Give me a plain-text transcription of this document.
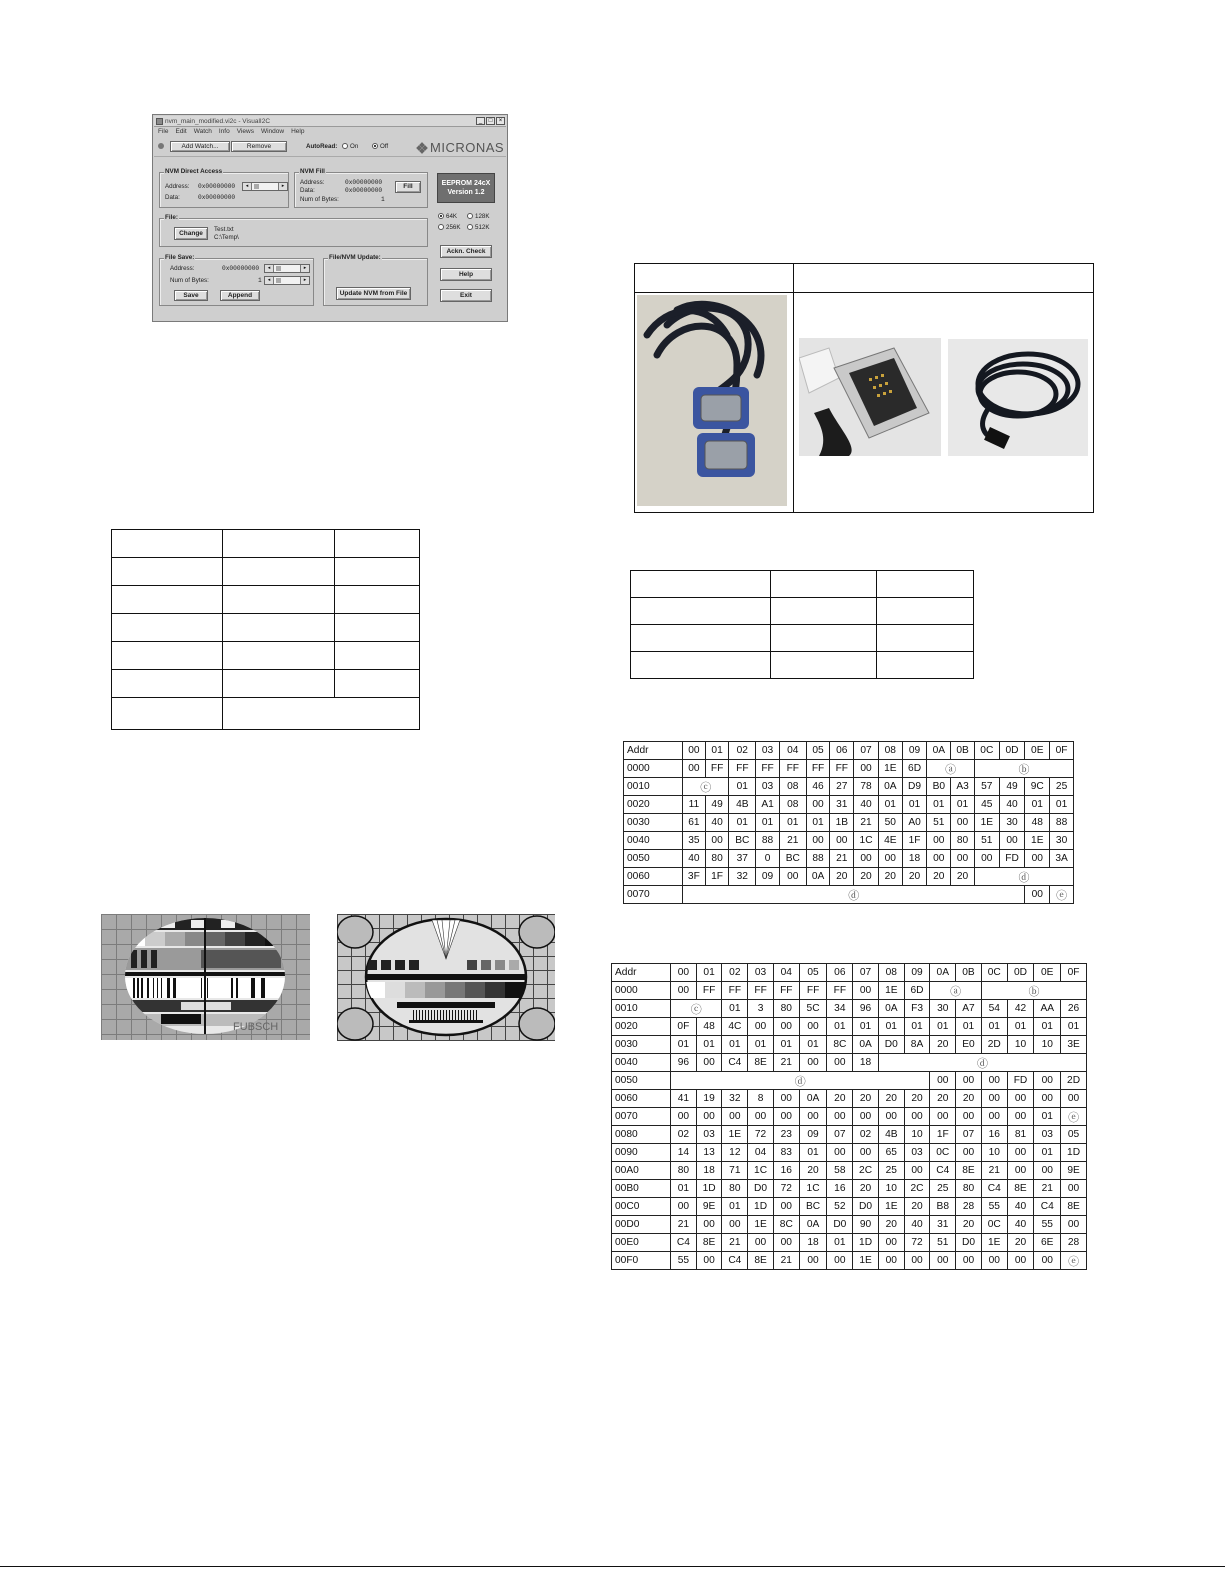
nvm_main_modified.vi2c - VisualI2C	_	□	×
File Edit Watch Info Views Window Help
Add Watch...	Remove	AutoRead: On	Off	MICRONAS
NVM Direct Access
Address: 0x00000000	◂	▸
Data:	0x00000000
NVM Fill
Address:	0x00000000
Data:	0x00000000
Num of Bytes:	1
Fill	EEPROM 24cX
Version 1.2
File:
Change
Test.txt
C:\Temp\
64K	128K
256K 512K
File Save:
Address:	0x00000000	◂	▸
Num of Bytes:	1	◂	▸
Save	Append
File/NVM Update:
Update NVM from File
Ackn. Check
Help
Exit

FUBSCH

Addr	00	01	02	03	04	05	06	07	08	09	0A	0B	0C	0D	0E	0F
0000	00	FF	FF	FF	FF	FF	FF	00	1E	6D	ⓐ		ⓑ			
0010	ⓒ		01	03	08	46	27	78	0A	D9	B0	A3	57	49	9C	25
0020	11	49	4B	A1	08	00	31	40	01	01	01	01	45	40	01	01
0030	61	40	01	01	01	01	1B	21	50	A0	51	00	1E	30	48	88
0040	35	00	BC	88	21	00	00	1C	4E	1F	00	80	51	00	1E	30
0050	40	80	37	0	BC	88	21	00	00	18	00	00	00	FD	00	3A
0060	3F	1F	32	09	00	0A	20	20	20	20	20	20	ⓓ			
0070	ⓓ														00	ⓔ
Addr	00	01	02	03	04	05	06	07	08	09	0A	0B	0C	0D	0E	0F
0000	00	FF	FF	FF	FF	FF	FF	00	1E	6D	ⓐ		ⓑ			
0010	ⓒ		01	3	80	5C	34	96	0A	F3	30	A7	54	42	AA	26
0020	0F	48	4C	00	00	00	01	01	01	01	01	01	01	01	01	01
0030	01	01	01	01	01	01	8C	0A	D0	8A	20	E0	2D	10	10	3E
0040	96	00	C4	8E	21	00	00	18	ⓓ							
0050	ⓓ										00	00	00	FD	00	2D
0060	41	19	32	8	00	0A	20	20	20	20	20	20	00	00	00	00
0070	00	00	00	00	00	00	00	00	00	00	00	00	00	00	01	ⓔ
0080	02	03	1E	72	23	09	07	02	4B	10	1F	07	16	81	03	05
0090	14	13	12	04	83	01	00	00	65	03	0C	00	10	00	01	1D
00A0	80	18	71	1C	16	20	58	2C	25	00	C4	8E	21	00	00	9E
00B0	01	1D	80	D0	72	1C	16	20	10	2C	25	80	C4	8E	21	00
00C0	00	9E	01	1D	00	BC	52	D0	1E	20	B8	28	55	40	C4	8E
00D0	21	00	00	1E	8C	0A	D0	90	20	40	31	20	0C	40	55	00
00E0	C4	8E	21	00	00	18	01	1D	00	72	51	D0	1E	20	6E	28
00F0	55	00	C4	8E	21	00	00	1E	00	00	00	00	00	00	00	ⓔ
